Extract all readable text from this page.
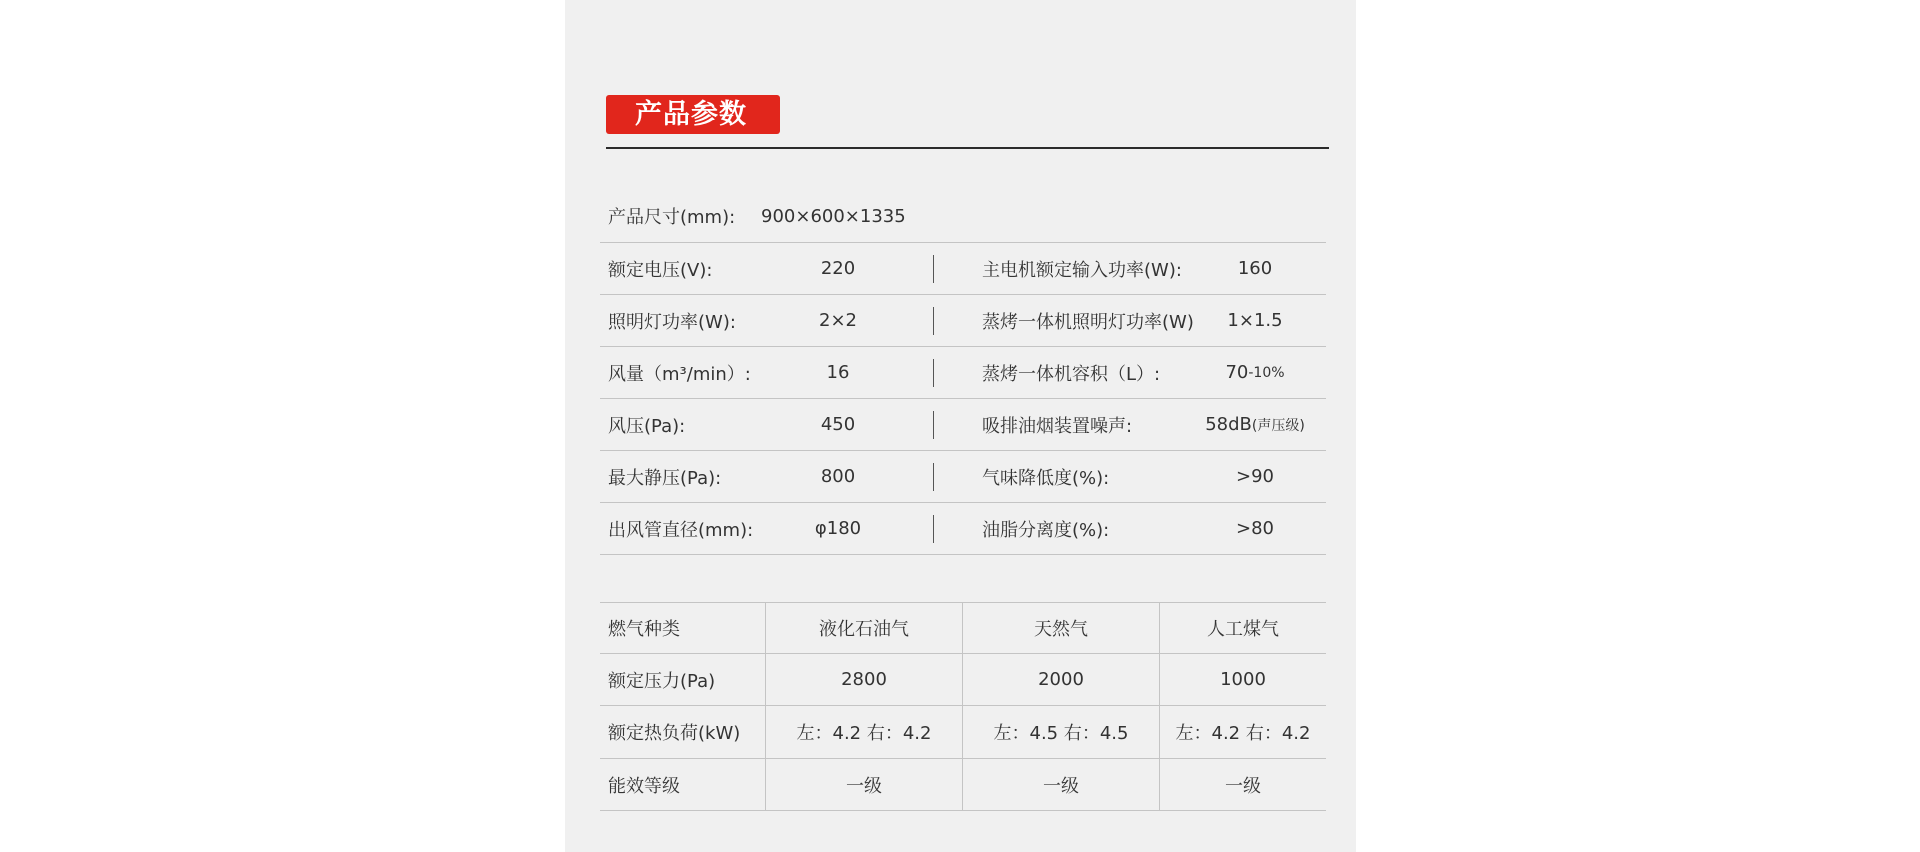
产品参数
产品尺寸(mm): 900×600×1335
额定电压(V):	220	主电机额定输入功率(W):	160
照明灯功率(W):	2×2	蒸烤一体机照明灯功率(W)	1×1.5
风量（m³/min）:	16	蒸烤一体机容积（L）:	70 -10%
风压(Pa):	450	吸排油烟装置噪声:	58dB (声压级)
最大静压(Pa):	800	气味降低度(%):	>90
出风管直径(mm):	φ180	油脂分离度(%):	>80
燃气种类	液化石油气	天然气	人工煤气
额定压力(Pa)	2800	2000	1000
额定热负荷(kW)	左：4.2 右：4.2	左：4.5 右：4.5	左：4.2 右：4.2
能效等级	一级	一级	一级
